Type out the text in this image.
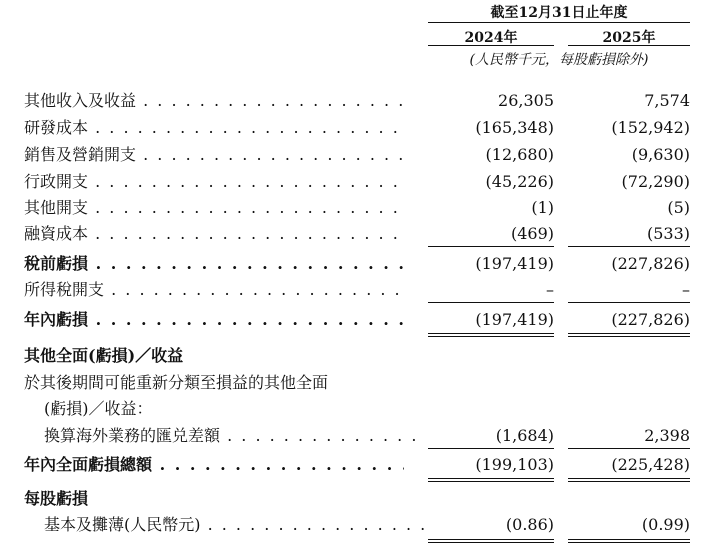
截至12月31日止年度
2024年	2025年
(人民幣千元，每股虧損除外)
其他收入及收益 . . .	26,305	7,574
研發成本 . . .	(165,348)	(152,942)
銷售及營銷開支 . . .	(12,680)	(9,630)
行政開支 . . .	(45,226)	(72,290)
其他開支 . . .	(1)	(5)
融資成本 . . .	(469)	(533)
稅前虧損 . . .	(197,419)	(227,826)
所得稅開支 . . .	–	–
年內虧損 . . .	(197,419)	(227,826)
其他全面(虧損)／收益
於其後期間可能重新分類至損益的其他全面
(虧損)／收益：
換算海外業務的匯兑差額 . . .	(1,684)	2,398
年內全面虧損總額 . . .	(199,103)	(225,428)
每股虧損
基本及攤薄(人民幣元) . . .	(0.86)	(0.99)
